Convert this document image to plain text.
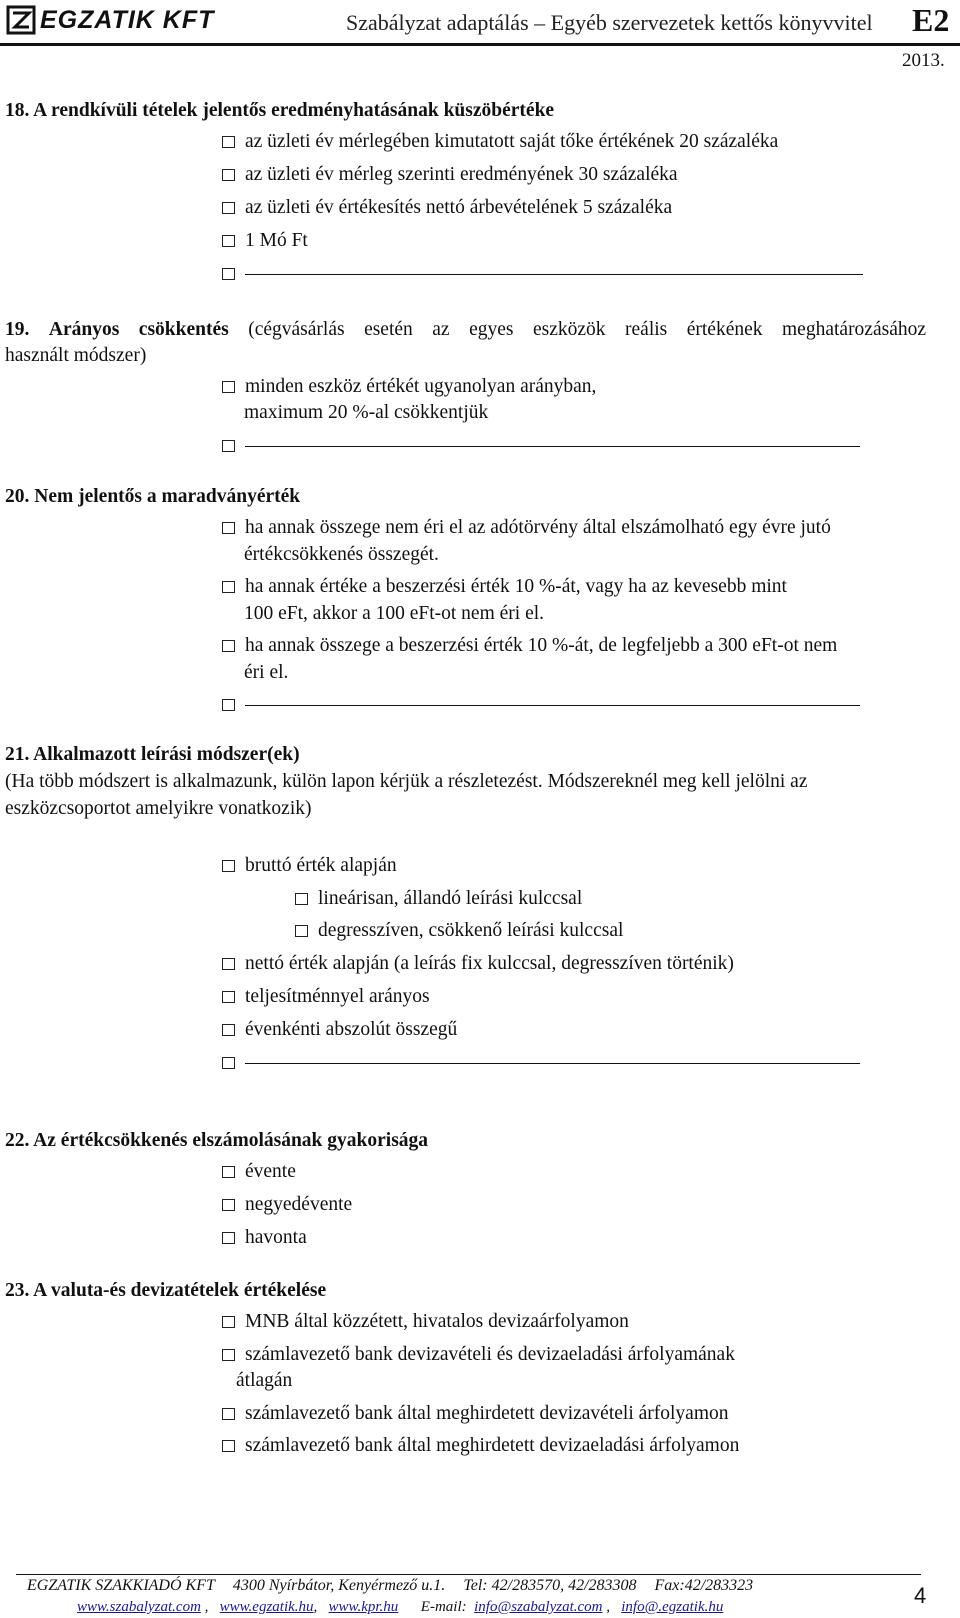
EGZATIK KFT	Szabályzat adaptálás – Egyéb szervezetek kettős könyvvitel E2
2013.
18. A rendkívüli tételek jelentős eredményhatásának küszöbértéke
az üzleti év mérlegében kimutatott saját tőke értékének 20 százaléka
az üzleti év mérleg szerinti eredményének 30 százaléka
az üzleti év értékesítés nettó árbevételének 5 százaléka
1 Mó Ft
19. Arányos csökkentés (cégvásárlás esetén az egyes eszközök reális értékének meghatározásához
használt módszer)
minden eszköz értékét ugyanolyan arányban,
maximum 20 %-al csökkentjük
20. Nem jelentős a maradványérték
ha annak összege nem éri el az adótörvény által elszámolható egy évre jutó
értékcsökkenés összegét.
ha annak értéke a beszerzési érték 10 %-át, vagy ha az kevesebb mint
100 eFt, akkor a 100 eFt-ot nem éri el.
ha annak összege a beszerzési érték 10 %-át, de legfeljebb a 300 eFt-ot nem
éri el.
21. Alkalmazott leírási módszer(ek)
(Ha több módszert is alkalmazunk, külön lapon kérjük a részletezést. Módszereknél meg kell jelölni az
eszközcsoportot amelyikre vonatkozik)
bruttó érték alapján
lineárisan, állandó leírási kulccsal
degresszíven, csökkenő leírási kulccsal
nettó érték alapján (a leírás fix kulccsal, degresszíven történik)
teljesítménnyel arányos
évenkénti abszolút összegű
22. Az értékcsökkenés elszámolásának gyakorisága
évente
negyedévente
havonta
23. A valuta-és devizatételek értékelése
MNB által közzétett, hivatalos devizaárfolyamon
számlavezető bank devizavételi és devizaeladási árfolyamának
átlagán
számlavezető bank által meghirdetett devizavételi árfolyamon
számlavezető bank által meghirdetett devizaeladási árfolyamon
EGZATIK SZAKKIADÓ KFT 4300 Nyírbátor, Kenyérmező u.1. Tel: 42/283570, 42/283308 Fax:42/283323
www.szabalyzat.com ,   www.egzatik.hu,   www.kpr.hu E-mail: info@szabalyzat.com ,   info@.egzatik.hu	4
